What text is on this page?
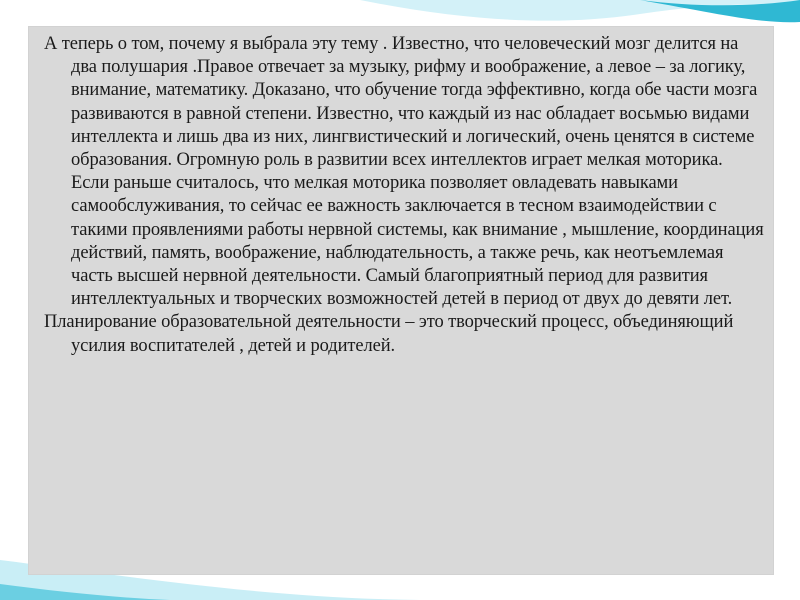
А теперь о том, почему я выбрала эту тему . Известно, что человеческий мозг делится на два полушария .Правое отвечает за музыку, рифму и воображение, а левое – за логику, внимание, математику. Доказано, что обучение тогда эффективно, когда обе части мозга развиваются в равной степени. Известно, что каждый из нас обладает восьмью видами интеллекта и лишь два из них, лингвистический и логический, очень ценятся в системе образования. Огромную роль в развитии всех интеллектов играет мелкая моторика. Если раньше считалось, что мелкая моторика позволяет овладевать навыками самообслуживания, то сейчас ее важность заключается в тесном взаимодействии с такими проявлениями работы нервной системы, как внимание , мышление, координация действий, память, воображение, наблюдательность, а также речь, как неотъемлемая часть высшей нервной деятельности. Самый благоприятный период для развития интеллектуальных и творческих возможностей детей в период от двух до девяти лет.

Планирование образовательной деятельности – это творческий процесс, объединяющий усилия воспитателей , детей и родителей.
